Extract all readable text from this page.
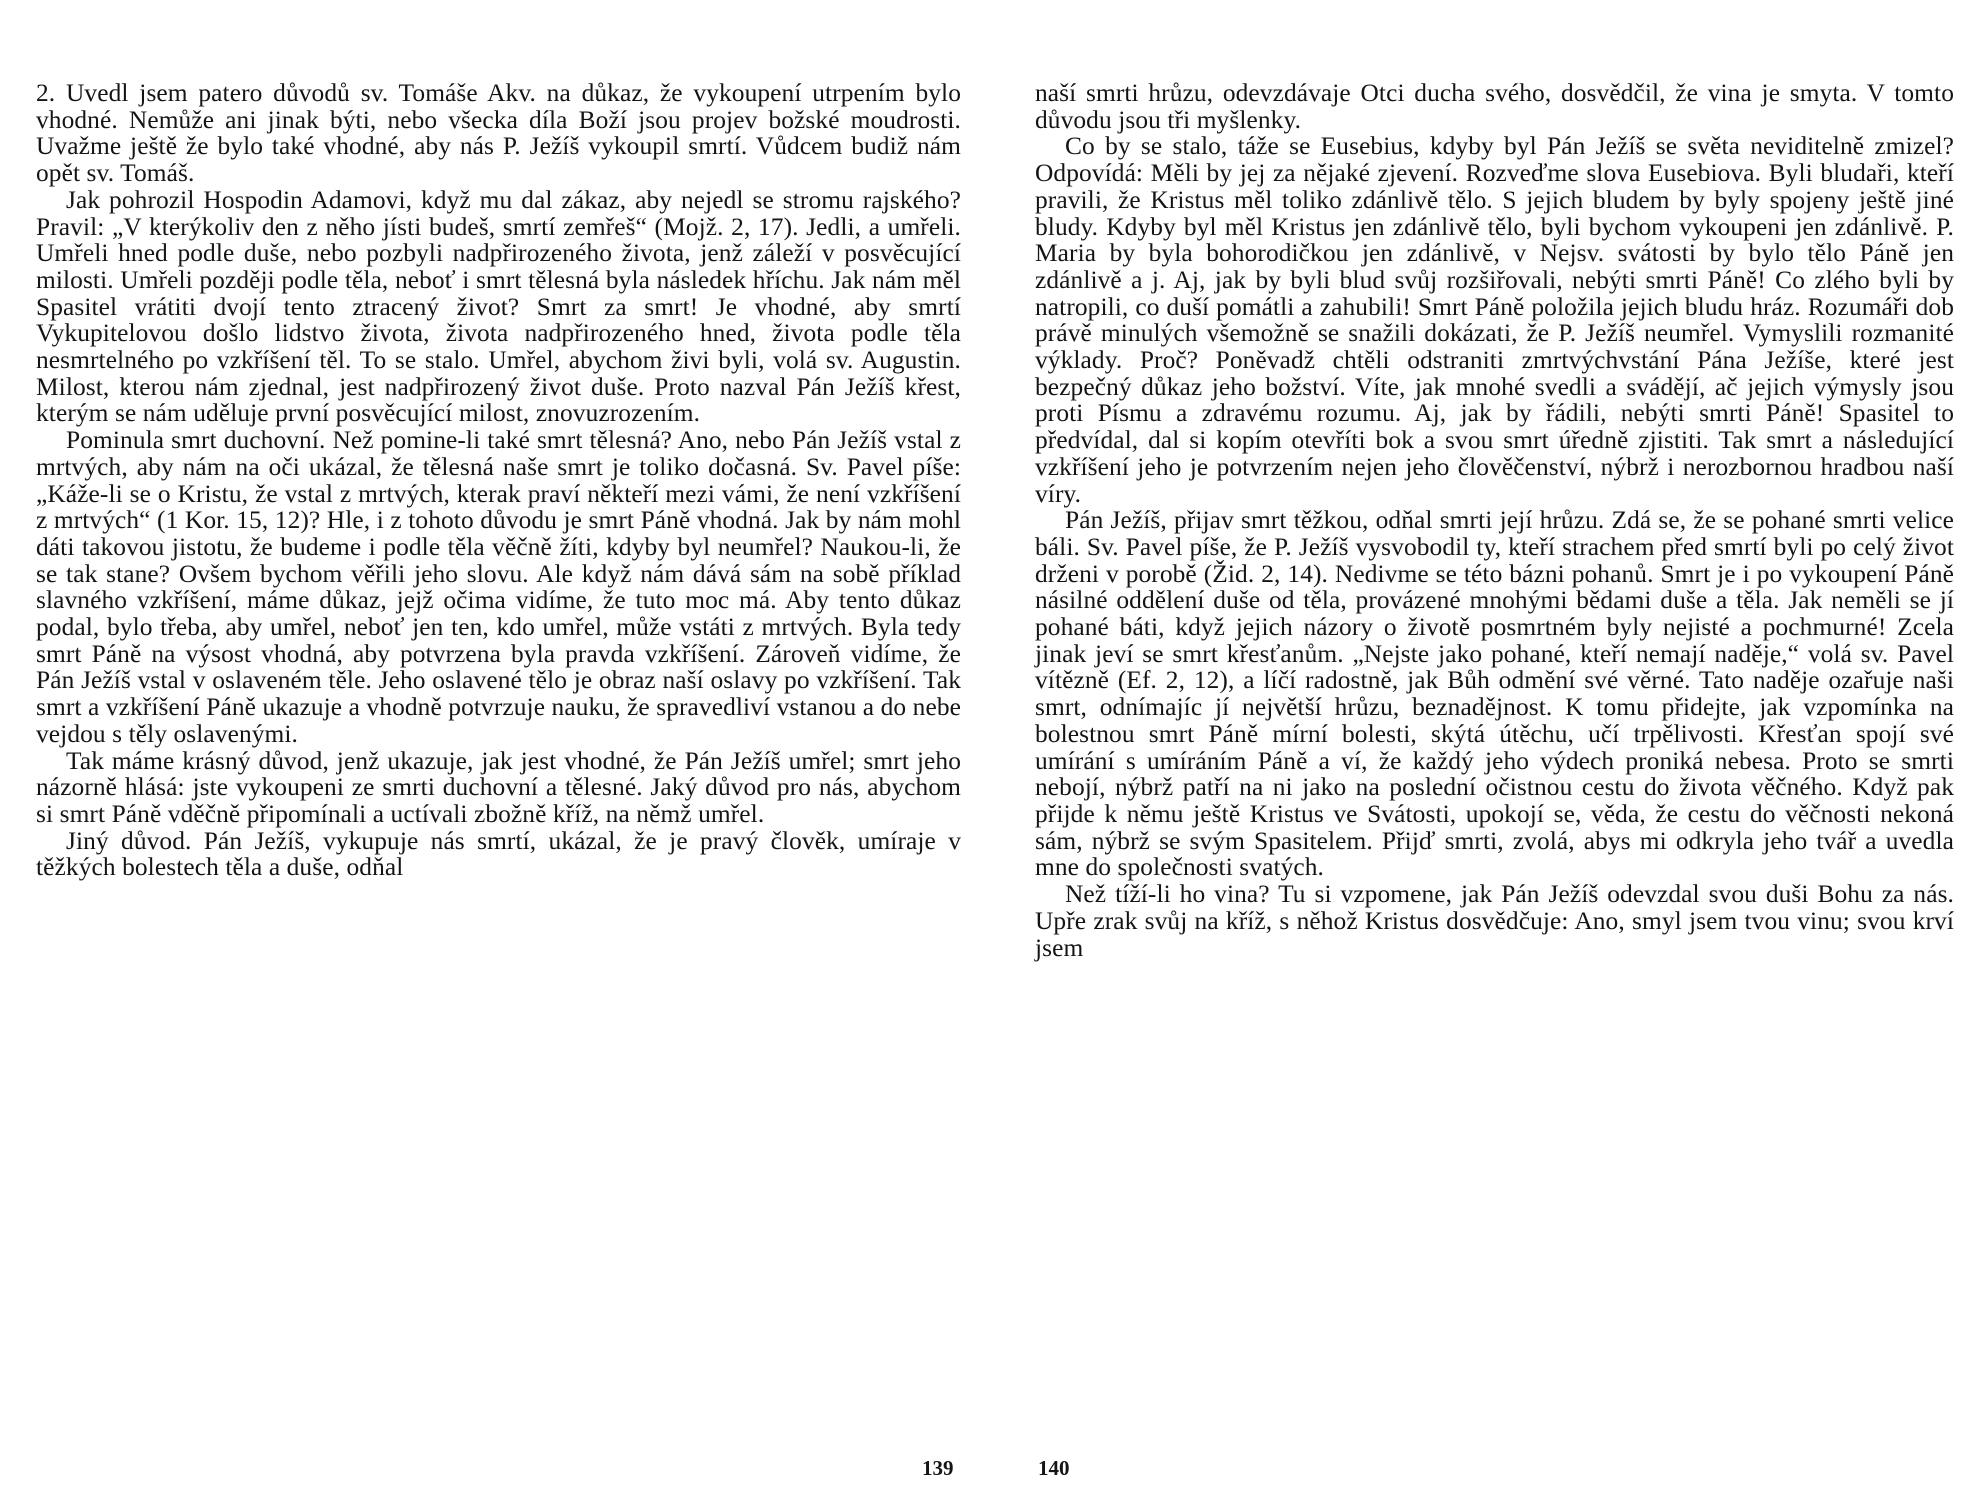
2. Uvedl jsem patero důvodů sv. Tomáše Akv. na důkaz, že vykoupení utrpením bylo vhodné. Nemůže ani jinak býti, nebo všecka díla Boží jsou projev božské moudrosti. Uvažme ještě že bylo také vhodné, aby nás P. Ježíš vykoupil smrtí. Vůdcem budiž nám opět sv. Tomáš.

Jak pohrozil Hospodin Adamovi, když mu dal zákaz, aby nejedl se stromu rajského? Pravil: „V kterýkoliv den z něho jísti budeš, smrtí zemřeš“ (Mojž. 2, 17). Jedli, a umřeli. Umřeli hned podle duše, nebo pozbyli nadpřirozeného života, jenž záleží v posvěcující milosti. Umřeli později podle těla, neboť i smrt tělesná byla následek hříchu. Jak nám měl Spasitel vrátiti dvojí tento ztracený život? Smrt za smrt! Je vhodné, aby smrtí Vykupitelovou došlo lidstvo života, života nadpřirozeného hned, života podle těla nesmrtelného po vzkříšení těl. To se stalo. Umřel, abychom živi byli, volá sv. Augustin. Milost, kterou nám zjednal, jest nadpřirozený život duše. Proto nazval Pán Ježíš křest, kterým se nám uděluje první posvěcující milost, znovuzrozením.

Pominula smrt duchovní. Než pomine-li také smrt tělesná? Ano, nebo Pán Ježíš vstal z mrtvých, aby nám na oči ukázal, že tělesná naše smrt je toliko dočasná. Sv. Pavel píše: „Káže-li se o Kristu, že vstal z mrtvých, kterak praví někteří mezi vámi, že není vzkříšení z mrtvých“ (1 Kor. 15, 12)? Hle, i z tohoto důvodu je smrt Páně vhodná. Jak by nám mohl dáti takovou jistotu, že budeme i podle těla věčně žíti, kdyby byl neumřel? Naukou-li, že se tak stane? Ovšem bychom věřili jeho slovu. Ale když nám dává sám na sobě příklad slavného vzkříšení, máme důkaz, jejž očima vidíme, že tuto moc má. Aby tento důkaz podal, bylo třeba, aby umřel, neboť jen ten, kdo umřel, může vstáti z mrtvých. Byla tedy smrt Páně na výsost vhodná, aby potvrzena byla pravda vzkříšení. Zároveň vidíme, že Pán Ježíš vstal v oslaveném těle. Jeho oslavené tělo je obraz naší oslavy po vzkříšení. Tak smrt a vzkříšení Páně ukazuje a vhodně potvrzuje nauku, že spravedliví vstanou a do nebe vejdou s těly oslavenými.

Tak máme krásný důvod, jenž ukazuje, jak jest vhodné, že Pán Ježíš umřel; smrt jeho názorně hlásá: jste vykoupeni ze smrti duchovní a tělesné. Jaký důvod pro nás, abychom si smrt Páně vděčně připomínali a uctívali zbožně kříž, na němž umřel.

Jiný důvod. Pán Ježíš, vykupuje nás smrtí, ukázal, že je pravý člověk, umíraje v těžkých bolestech těla a duše, odňal

naší smrti hrůzu, odevzdávaje Otci ducha svého, dosvědčil, že vina je smyta. V tomto důvodu jsou tři myšlenky.

Co by se stalo, táže se Eusebius, kdyby byl Pán Ježíš se světa neviditelně zmizel? Odpovídá: Měli by jej za nějaké zjevení. Rozveďme slova Eusebiova. Byli bludaři, kteří pravili, že Kristus měl toliko zdánlivě tělo. S jejich bludem by byly spojeny ještě jiné bludy. Kdyby byl měl Kristus jen zdánlivě tělo, byli bychom vykoupeni jen zdánlivě. P. Maria by byla bohorodičkou jen zdánlivě, v Nejsv. svátosti by bylo tělo Páně jen zdánlivě a j. Aj, jak by byli blud svůj rozšiřovali, nebýti smrti Páně! Co zlého byli by natropili, co duší pomátli a zahubili! Smrt Páně položila jejich bludu hráz. Rozumáři dob právě minulých všemožně se snažili dokázati, že P. Ježíš neumřel. Vymyslili rozmanité výklady. Proč? Poněvadž chtěli odstraniti zmrtvýchvstání Pána Ježíše, které jest bezpečný důkaz jeho božství. Víte, jak mnohé svedli a svádějí, ač jejich výmysly jsou proti Písmu a zdravému rozumu. Aj, jak by řádili, nebýti smrti Páně! Spasitel to předvídal, dal si kopím otevříti bok a svou smrt úředně zjistiti. Tak smrt a následující vzkříšení jeho je potvrzením nejen jeho člověčenství, nýbrž i nerozbornou hradbou naší víry.

Pán Ježíš, přijav smrt těžkou, odňal smrti její hrůzu. Zdá se, že se pohané smrti velice báli. Sv. Pavel píše, že P. Ježíš vysvobodil ty, kteří strachem před smrtí byli po celý život drženi v porobě (Žid. 2, 14). Nedivme se této bázni pohanů. Smrt je i po vykoupení Páně násilné oddělení duše od těla, provázené mnohými bědami duše a těla. Jak neměli se jí pohané báti, když jejich názory o životě posmrtném byly nejisté a pochmurné! Zcela jinak jeví se smrt křesťanům. „Nejste jako pohané, kteří nemají naděje,“ volá sv. Pavel vítězně (Ef. 2, 12), a líčí radostně, jak Bůh odmění své věrné. Tato naděje ozařuje naši smrt, odnímajíc jí největší hrůzu, beznadějnost. K tomu přidejte, jak vzpomínka na bolestnou smrt Páně mírní bolesti, skýtá útěchu, učí trpělivosti. Křesťan spojí své umírání s umíráním Páně a ví, že každý jeho výdech proniká nebesa. Proto se smrti nebojí, nýbrž patří na ni jako na poslední očistnou cestu do života věčného. Když pak přijde k němu ještě Kristus ve Svátosti, upokojí se, věda, že cestu do věčnosti nekoná sám, nýbrž se svým Spasitelem. Přijď smrti, zvolá, abys mi odkryla jeho tvář a uvedla mne do společnosti svatých.

Než tíží-li ho vina? Tu si vzpomene, jak Pán Ježíš odevzdal svou duši Bohu za nás. Upře zrak svůj na kříž, s něhož Kristus dosvědčuje: Ano, smyl jsem tvou vinu; svou krví jsem

139	140
